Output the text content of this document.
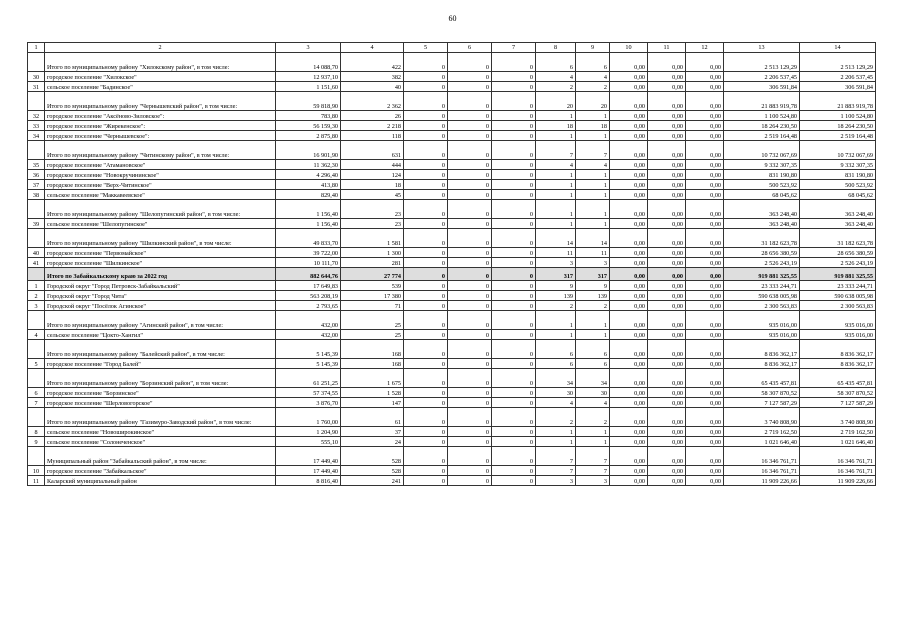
60
1	2	3	4	5	6	7	8	9	10	11	12	13	14
	Итого по муниципальному району "Хилокскому район", в том числе:	14 088,70	422	0	0	0	6	6	0,00	0,00	0,00	2 513 129,29	2 513 129,29
30	городское поселение "Хилокское"	12 937,10	382	0	0	0	4	4	0,00	0,00	0,00	2 206 537,45	2 206 537,45
31	сельское поселение "Бадинское"	1 151,60	40	0	0	0	2	2	0,00	0,00	0,00	306 591,84	306 591,84
	Итого по муниципальному району "Чернышевский район", в том числе:	59 818,90	2 362	0	0	0	20	20	0,00	0,00	0,00	21 883 919,78	21 883 919,78
32	городское поселение "Аксёново-Зиловское":	783,80	26	0	0	0	1	1	0,00	0,00	0,00	1 100 524,80	1 100 524,80
33	городское поселение "Жирекенское":	56 159,30	2 218	0	0	0	18	18	0,00	0,00	0,00	18 264 230,50	18 264 230,50
34	городское поселение "Чернышевское":	2 875,80	118	0	0	0	1	1	0,00	0,00	0,00	2 519 164,48	2 519 164,48
	Итого по муниципальному району "Читинскому район", в том числе:	16 901,90	631	0	0	0	7	7	0,00	0,00	0,00	10 732 067,69	10 732 067,69
35	городское поселение "Атамановское"	11 362,30	444	0	0	0	4	4	0,00	0,00	0,00	9 332 307,35	9 332 307,35
36	городское поселение "Новокручининское"	4 296,40	124	0	0	0	1	1	0,00	0,00	0,00	831 190,80	831 190,80
37	городское поселение "Верх-Читинское"	413,80	18	0	0	0	1	1	0,00	0,00	0,00	500 523,92	500 523,92
38	сельское поселение "Маккавеевское"	829,40	45	0	0	0	1	1	0,00	0,00	0,00	68 045,62	68 045,62
	Итого по муниципальному району "Шелопугинский район", в том числе:	1 156,40	23	0	0	0	1	1	0,00	0,00	0,00	363 248,40	363 248,40
39	сельское поселение "Шелопугинское"	1 156,40	23	0	0	0	1	1	0,00	0,00	0,00	363 248,40	363 248,40
	Итого по муниципальному району "Шилкинский район", в том числе:	49 833,70	1 581	0	0	0	14	14	0,00	0,00	0,00	31 182 623,78	31 182 623,78
40	городское поселение "Первомайское"	39 722,00	1 300	0	0	0	11	11	0,00	0,00	0,00	28 656 380,59	28 656 380,59
41	городское поселение "Шилкинское"	10 111,70	281	0	0	0	3	3	0,00	0,00	0,00	2 526 243,19	2 526 243,19
	Итого по Забайкальскому краю за 2022 год	882 644,76	27 774	0	0	0	317	317	0,00	0,00	0,00	919 881 325,55	919 881 325,55
1	Городской округ "Город Петровск-Забайкальский"	17 649,83	539	0	0	0	9	9	0,00	0,00	0,00	23 333 244,71	23 333 244,71
2	Городской округ "Город Чита"	563 208,19	17 380	0	0	0	139	139	0,00	0,00	0,00	590 638 005,98	590 638 005,98
3	Городской округ "Посёлок Агинское"	2 793,65	71	0	0	0	2	2	0,00	0,00	0,00	2 300 563,83	2 300 563,83
	Итого по муниципальному району "Агинский район", в том числе:	432,00	25	0	0	0	1	1	0,00	0,00	0,00	935 016,00	935 016,00
4	сельское поселение "Цокто-Хангил"	432,00	25	0	0	0	1	1	0,00	0,00	0,00	935 016,00	935 016,00
	Итого по муниципальному району "Балейский район", в том числе:	5 145,39	168	0	0	0	6	6	0,00	0,00	0,00	8 836 362,17	8 836 362,17
5	городское поселение "Город Балей"	5 145,39	168	0	0	0	6	6	0,00	0,00	0,00	8 836 362,17	8 836 362,17
	Итого по муниципальному району "Борзинский район", в том числе:	61 251,25	1 675	0	0	0	34	34	0,00	0,00	0,00	65 435 457,81	65 435 457,81
6	городское поселение "Борзинское"	57 374,55	1 528	0	0	0	30	30	0,00	0,00	0,00	58 307 870,52	58 307 870,52
7	городское поселение "Шерловогорское"	3 876,70	147	0	0	0	4	4	0,00	0,00	0,00	7 127 587,29	7 127 587,29
	Итого по муниципальному району "Газимуро-Заводский район", в том числе:	1 760,00	61	0	0	0	2	2	0,00	0,00	0,00	3 740 808,90	3 740 808,90
8	сельское поселение "Новоширокинское"	1 204,90	37	0	0	0	1	1	0,00	0,00	0,00	2 719 162,50	2 719 162,50
9	сельское поселение "Солонеченское"	555,10	24	0	0	0	1	1	0,00	0,00	0,00	1 021 646,40	1 021 646,40
	Муниципальный район "Забайкальский район", в том числе:	17 449,40	528	0	0	0	7	7	0,00	0,00	0,00	16 346 761,71	16 346 761,71
10	городское поселение "Забайкальское"	17 449,40	528	0	0	0	7	7	0,00	0,00	0,00	16 346 761,71	16 346 761,71
11	Каларский муниципальный район	8 816,40	241	0	0	0	3	3	0,00	0,00	0,00	11 909 226,66	11 909 226,66
